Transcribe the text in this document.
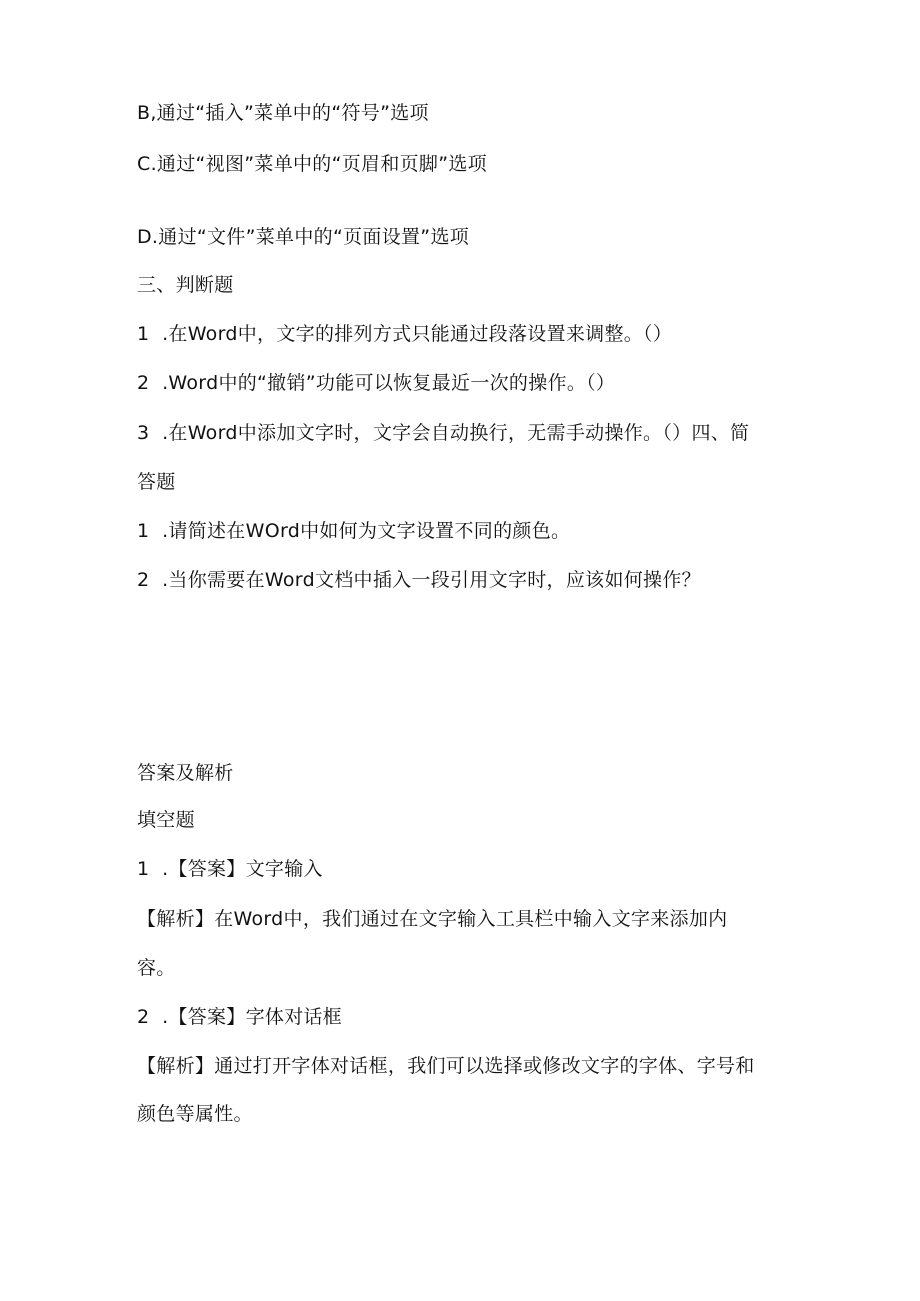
B,通过“插入”菜单中的“符号”选项
C.通过“视图”菜单中的“页眉和页脚”选项
D.通过“文件”菜单中的“页面设置”选项
三、判断题
1  .在Word中，文字的排列方式只能通过段落设置来调整。（）
2  .Word中的“撤销”功能可以恢复最近一次的操作。（）
3  .在Word中添加文字时，文字会自动换行，无需手动操作。（）四、简
答题
1  .请简述在WOrd中如何为文字设置不同的颜色。
2  .当你需要在Word文档中插入一段引用文字时，应该如何操作？
答案及解析
填空题
1  .【答案】文字输入
【解析】在Word中，我们通过在文字输入工具栏中输入文字来添加内
容。
2  .【答案】字体对话框
【解析】通过打开字体对话框，我们可以选择或修改文字的字体、字号和
颜色等属性。
